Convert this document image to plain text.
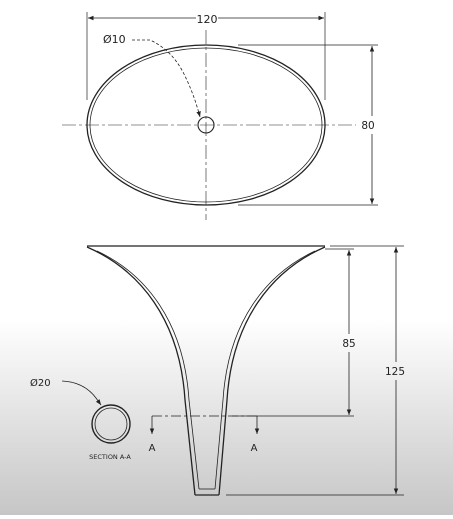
120
80
Ø10
85
125
A	A
Ø20
SECTION A-A
